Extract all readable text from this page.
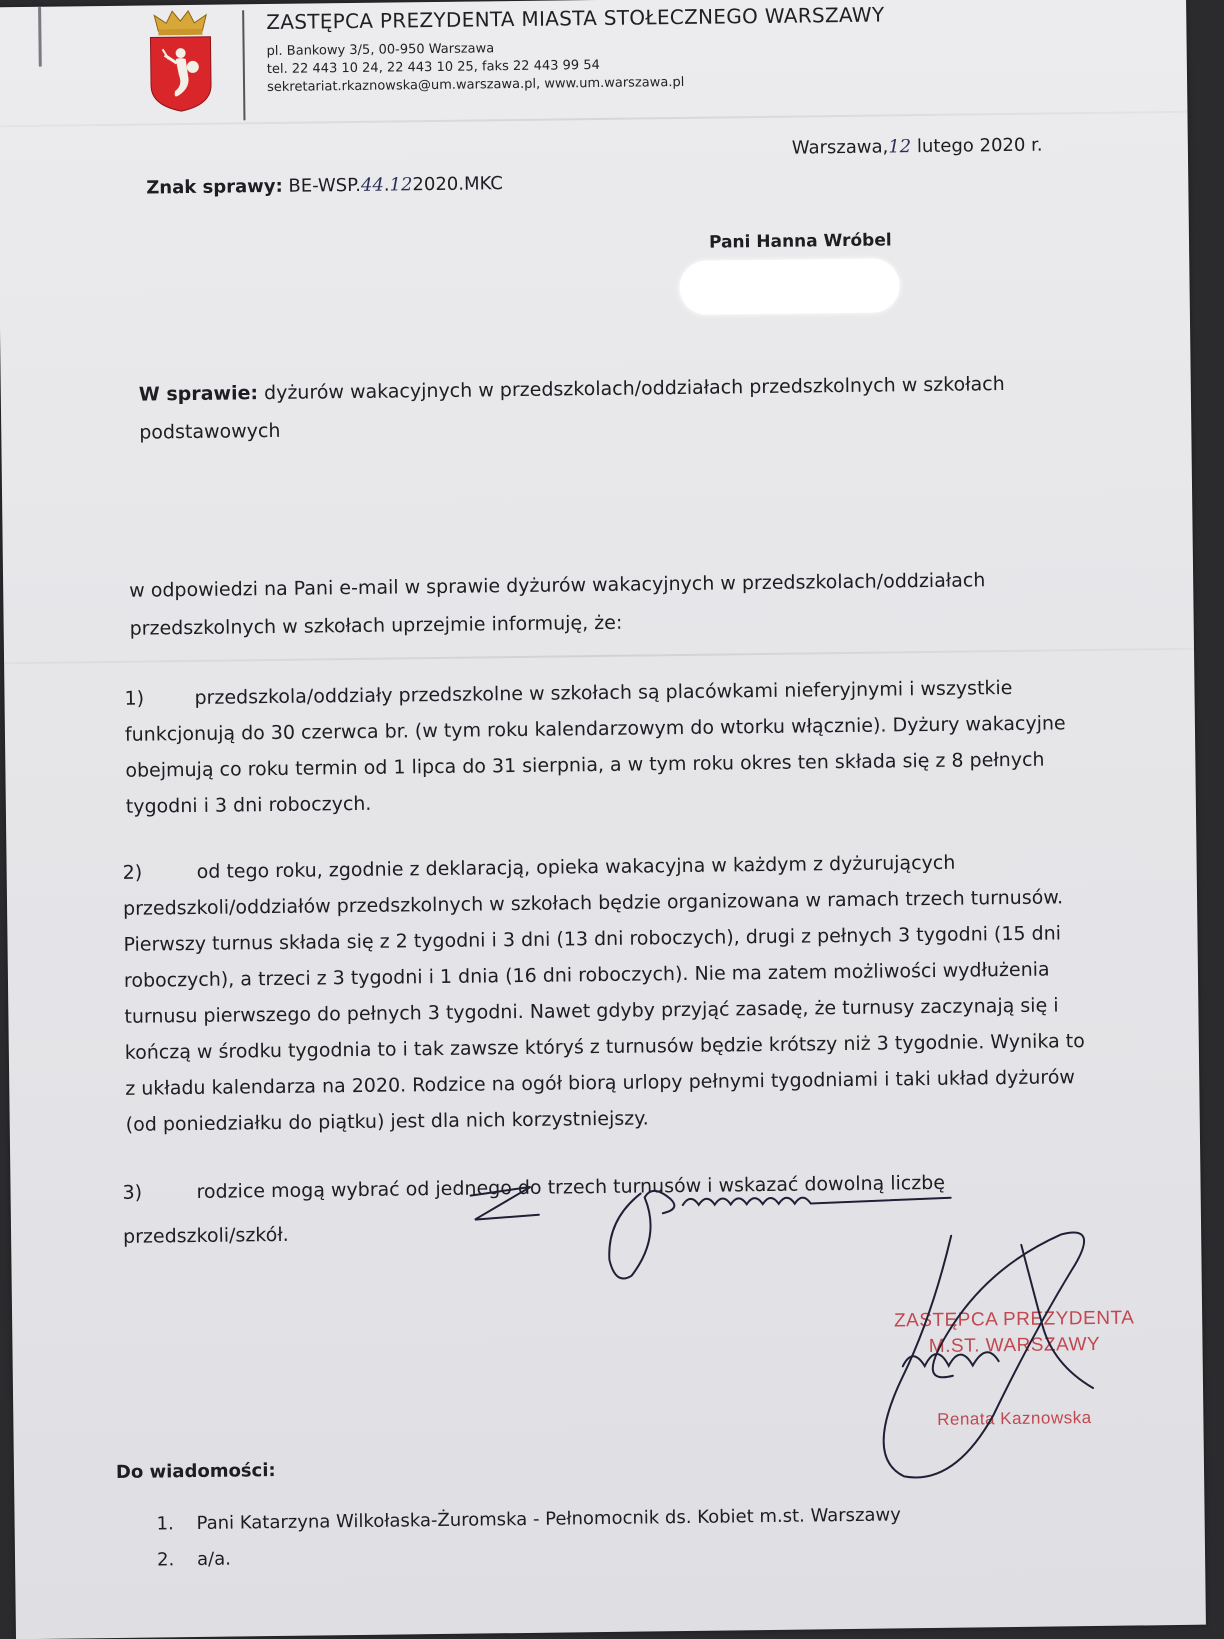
ZASTĘPCA PREZYDENTA MIASTA STOŁECZNEGO WARSZAWY
pl. Bankowy 3/5, 00-950 Warszawa
tel. 22 443 10 24, 22 443 10 25, faks 22 443 99 54
sekretariat.rkaznowska@um.warszawa.pl, www.um.warszawa.pl
Warszawa,12 lutego 2020 r.
Znak sprawy: BE-WSP.44.122020.MKC
Pani Hanna Wróbel
W sprawie: dyżurów wakacyjnych w przedszkolach/oddziałach przedszkolnych w szkołach
podstawowych
w odpowiedzi na Pani e-mail w sprawie dyżurów wakacyjnych w przedszkolach/oddziałach
przedszkolnych w szkołach uprzejmie informuję, że:
1)	przedszkola/oddziały przedszkolne w szkołach są placówkami nieferyjnymi i wszystkie
funkcjonują do 30 czerwca br. (w tym roku kalendarzowym do wtorku włącznie). Dyżury wakacyjne
obejmują co roku termin od 1 lipca do 31 sierpnia, a w tym roku okres ten składa się z 8 pełnych
tygodni i 3 dni roboczych.
2)	od tego roku, zgodnie z deklaracją, opieka wakacyjna w każdym z dyżurujących
przedszkoli/oddziałów przedszkolnych w szkołach będzie organizowana w ramach trzech turnusów.
Pierwszy turnus składa się z 2 tygodni i 3 dni (13 dni roboczych), drugi z pełnych 3 tygodni (15 dni
roboczych), a trzeci z 3 tygodni i 1 dnia (16 dni roboczych). Nie ma zatem możliwości wydłużenia
turnusu pierwszego do pełnych 3 tygodni. Nawet gdyby przyjąć zasadę, że turnusy zaczynają się i
kończą w środku tygodnia to i tak zawsze któryś z turnusów będzie krótszy niż 3 tygodnie. Wynika to
z układu kalendarza na 2020. Rodzice na ogół biorą urlopy pełnymi tygodniami i taki układ dyżurów
(od poniedziałku do piątku) jest dla nich korzystniejszy.
3)	rodzice mogą wybrać od jednego do trzech turnusów i wskazać dowolną liczbę
przedszkoli/szkół.
ZASTĘPCA PREZYDENTA
M.ST. WARSZAWY
Renata Kaznowska
Do wiadomości:
1. Pani Katarzyna Wilkołaska-Żuromska - Pełnomocnik ds. Kobiet m.st. Warszawy
2. a/a.
